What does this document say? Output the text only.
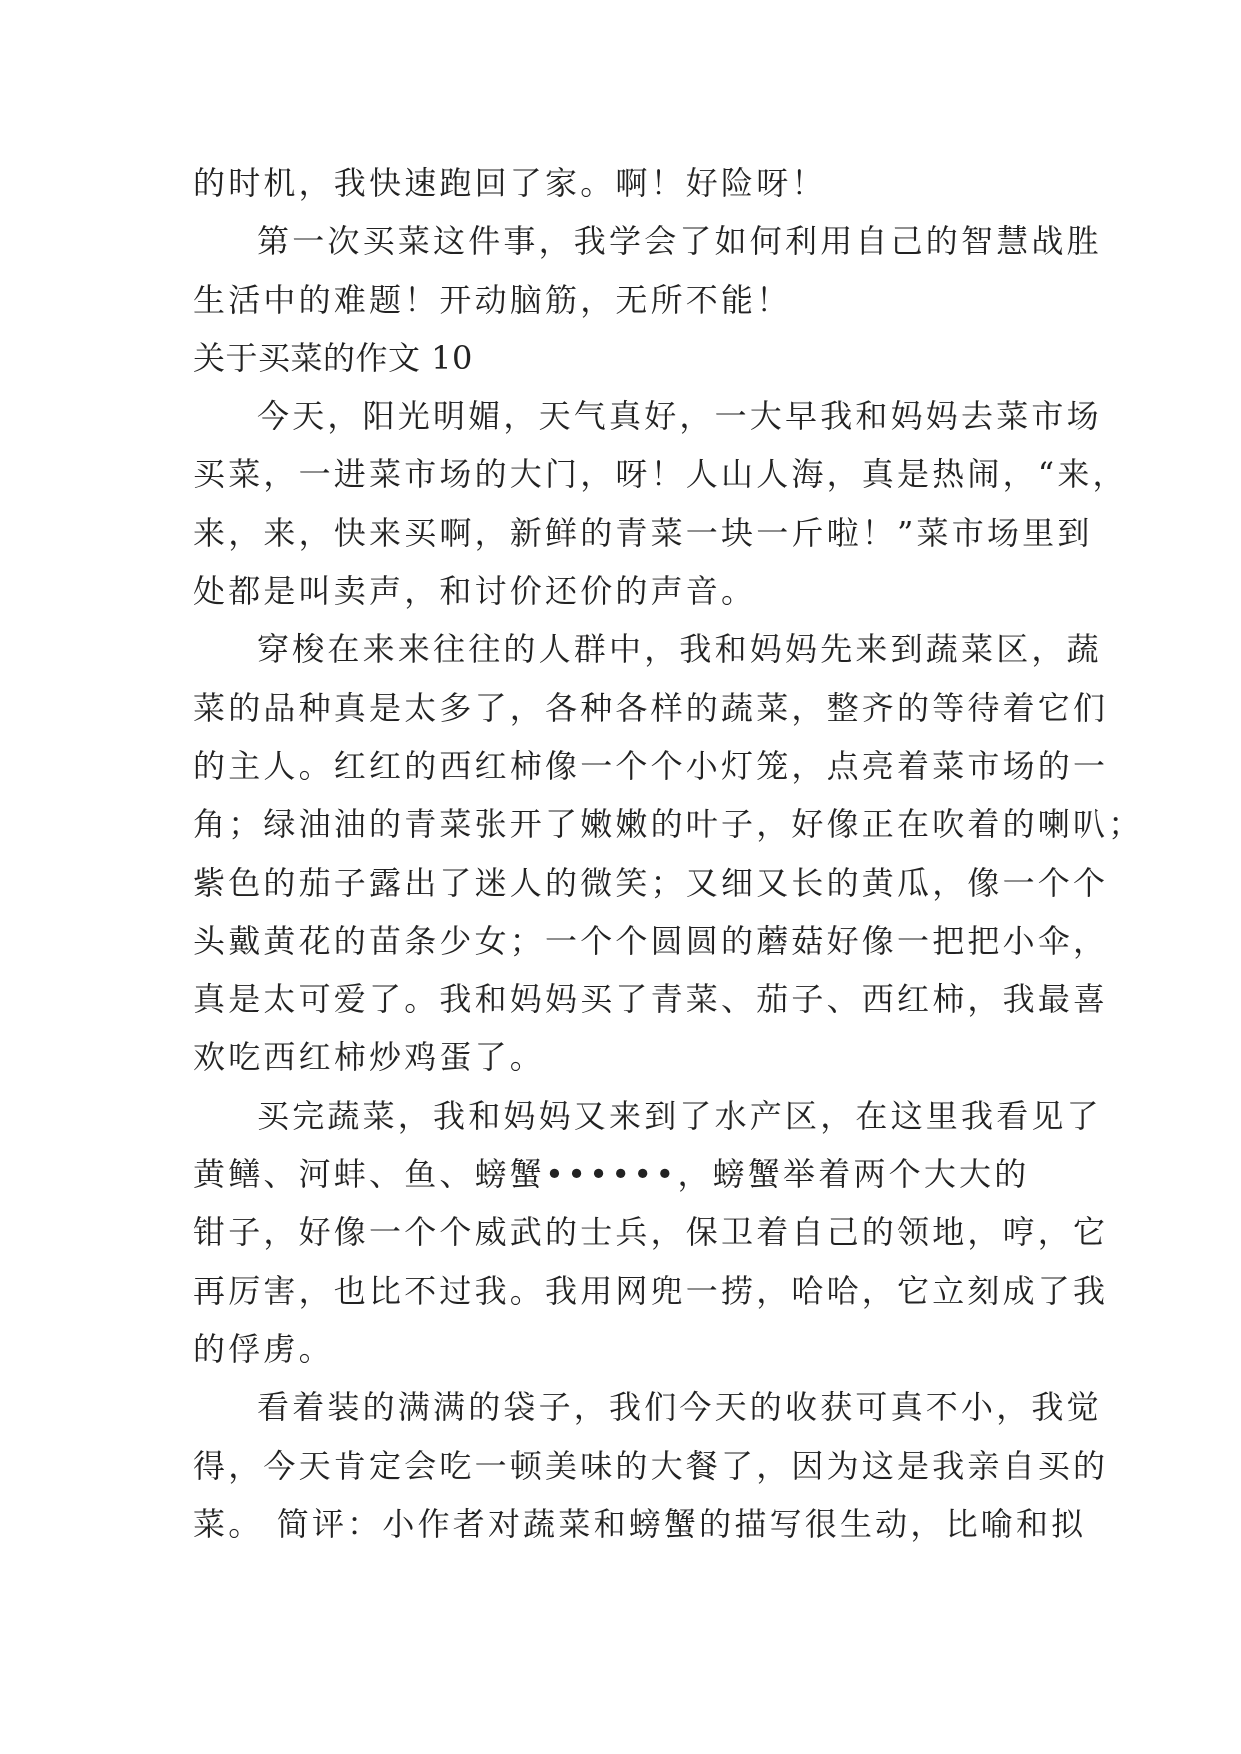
的时机，我快速跑回了家。啊！好险呀！
第一次买菜这件事，我学会了如何利用自己的智慧战胜
生活中的难题！开动脑筋，无所不能！
关于买菜的作文 10
今天，阳光明媚，天气真好，一大早我和妈妈去菜市场
买菜，一进菜市场的大门，呀！人山人海，真是热闹，“来，
来，来，快来买啊，新鲜的青菜一块一斤啦！”菜市场里到
处都是叫卖声，和讨价还价的声音。
穿梭在来来往往的人群中，我和妈妈先来到蔬菜区，蔬
菜的品种真是太多了，各种各样的蔬菜，整齐的等待着它们
的主人。红红的西红柿像一个个小灯笼，点亮着菜市场的一
角；绿油油的青菜张开了嫩嫩的叶子，好像正在吹着的喇叭；
紫色的茄子露出了迷人的微笑；又细又长的黄瓜，像一个个
头戴黄花的苗条少女；一个个圆圆的蘑菇好像一把把小伞，
真是太可爱了。我和妈妈买了青菜、茄子、西红柿，我最喜
欢吃西红柿炒鸡蛋了。
买完蔬菜，我和妈妈又来到了水产区，在这里我看见了
黄鳝、河蚌、鱼、螃蟹••••••，螃蟹举着两个大大的
钳子，好像一个个威武的士兵，保卫着自己的领地，哼，它
再厉害，也比不过我。我用网兜一捞，哈哈，它立刻成了我
的俘虏。
看着装的满满的袋子，我们今天的收获可真不小，我觉
得，今天肯定会吃一顿美味的大餐了，因为这是我亲自买的
菜。 简评：小作者对蔬菜和螃蟹的描写很生动，比喻和拟
